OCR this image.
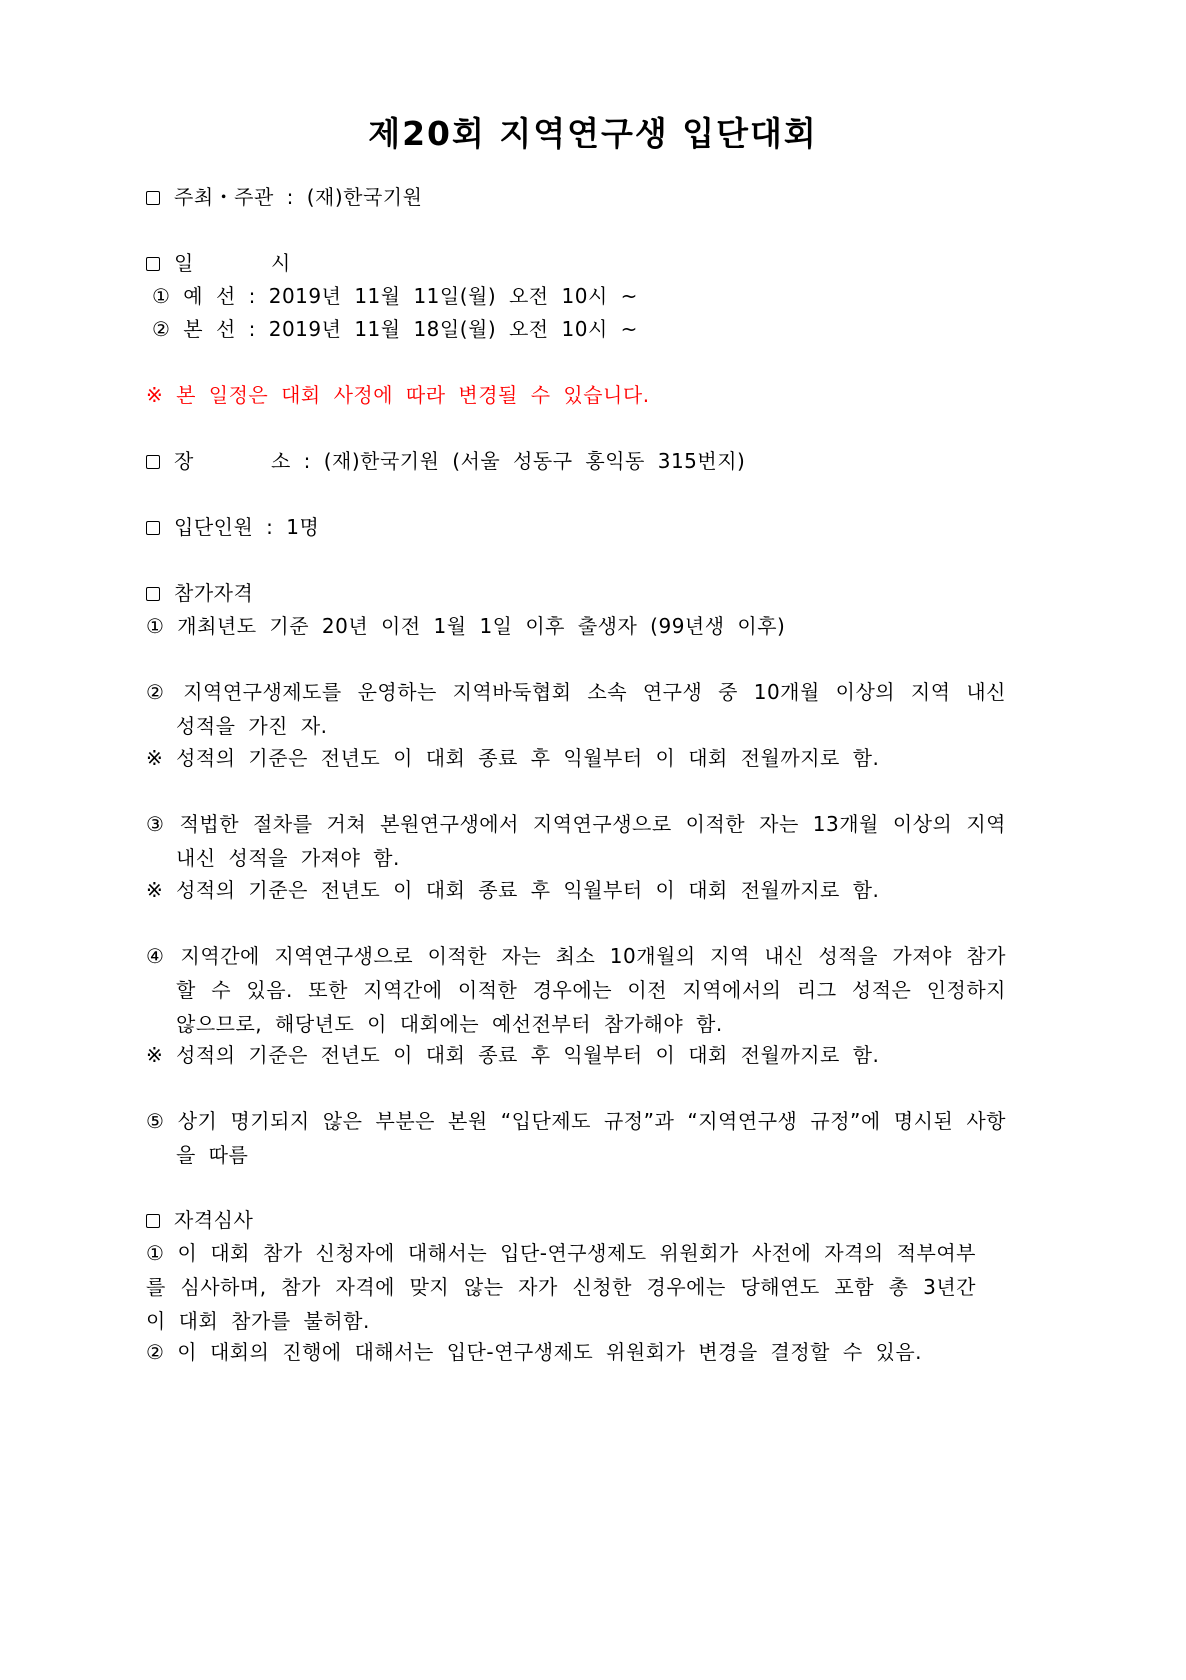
제20회 지역연구생 입단대회
주최・주관 : (재)한국기원
일      시
① 예 선 : 2019년 11월 11일(월) 오전 10시 ~
② 본 선 : 2019년 11월 18일(월) 오전 10시 ~
※ 본 일정은 대회 사정에 따라 변경될 수 있습니다.
장      소 : (재)한국기원 (서울 성동구 홍익동 315번지)
입단인원 : 1명
참가자격
① 개최년도 기준 20년 이전 1월 1일 이후 출생자 (99년생 이후)
② 지역연구생제도를 운영하는 지역바둑협회 소속 연구생 중 10개월 이상의 지역 내신 성적을 가진 자.
※ 성적의 기준은 전년도 이 대회 종료 후 익월부터 이 대회 전월까지로 함.
③ 적법한 절차를 거쳐 본원연구생에서 지역연구생으로 이적한 자는 13개월 이상의 지역 내신 성적을 가져야 함.
※ 성적의 기준은 전년도 이 대회 종료 후 익월부터 이 대회 전월까지로 함.
④ 지역간에 지역연구생으로 이적한 자는 최소 10개월의 지역 내신 성적을 가져야 참가할 수 있음. 또한 지역간에 이적한 경우에는 이전 지역에서의 리그 성적은 인정하지 않으므로, 해당년도 이 대회에는 예선전부터 참가해야 함.
※ 성적의 기준은 전년도 이 대회 종료 후 익월부터 이 대회 전월까지로 함.
⑤ 상기 명기되지 않은 부분은 본원 “입단제도 규정”과 “지역연구생 규정”에 명시된 사항을 따름
자격심사
① 이 대회 참가 신청자에 대해서는 입단-연구생제도 위원회가 사전에 자격의 적부여부를 심사하며, 참가 자격에 맞지 않는 자가 신청한 경우에는 당해연도 포함 총 3년간 이 대회 참가를 불허함.
② 이 대회의 진행에 대해서는 입단-연구생제도 위원회가 변경을 결정할 수 있음.
